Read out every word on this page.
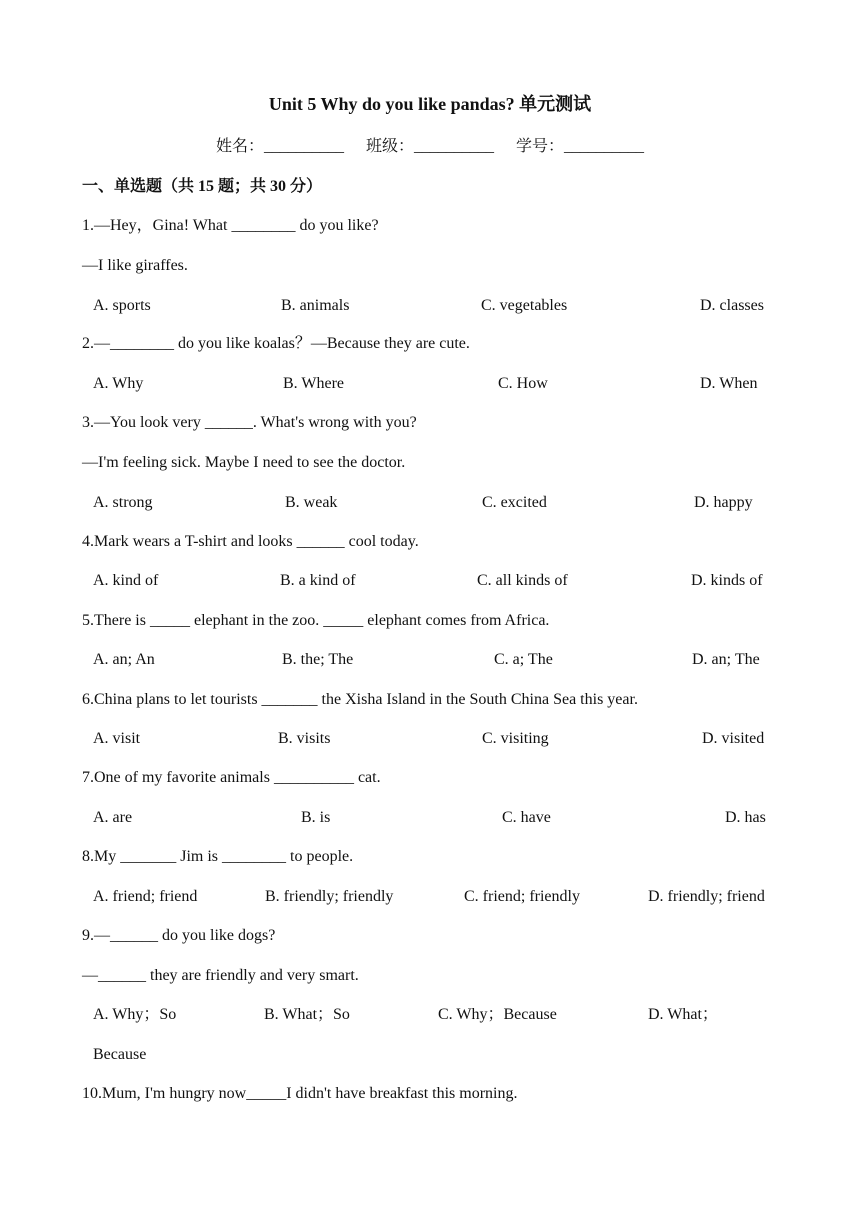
Unit 5 Why do you like pandas? 单元测试
姓名：__________ 班级：__________ 学号：__________
一、单选题（共 15 题；共 30 分）
1.—Hey，Gina! What ________ do you like?
—I like giraffes.
A. sports	B. animals	C. vegetables	D. classes
2.—________ do you like koalas？—Because they are cute.
A. Why	B. Where	C. How	D. When
3.—You look very ______. What's wrong with you?
—I'm feeling sick. Maybe I need to see the doctor.
A. strong	B. weak	C. excited	D. happy
4.Mark wears a T-shirt and looks ______ cool today.
A. kind of	B. a kind of	C. all kinds of	D. kinds of
5.There is _____ elephant in the zoo. _____ elephant comes from Africa.
A. an; An	B. the; The	C. a; The	D. an; The
6.China plans to let tourists _______ the Xisha Island in the South China Sea this year.
A. visit	B. visits	C. visiting	D. visited
7.One of my favorite animals __________ cat.
A. are	B. is	C. have	D. has
8.My _______ Jim is ________ to people.
A. friend; friend	B. friendly; friendly	C. friend; friendly	D. friendly; friend
9.—______ do you like dogs?
—______ they are friendly and very smart.
A. Why；So	B. What；So	C. Why；Because	D. What；
Because
10.Mum, I'm hungry now_____I didn't have breakfast this morning.
